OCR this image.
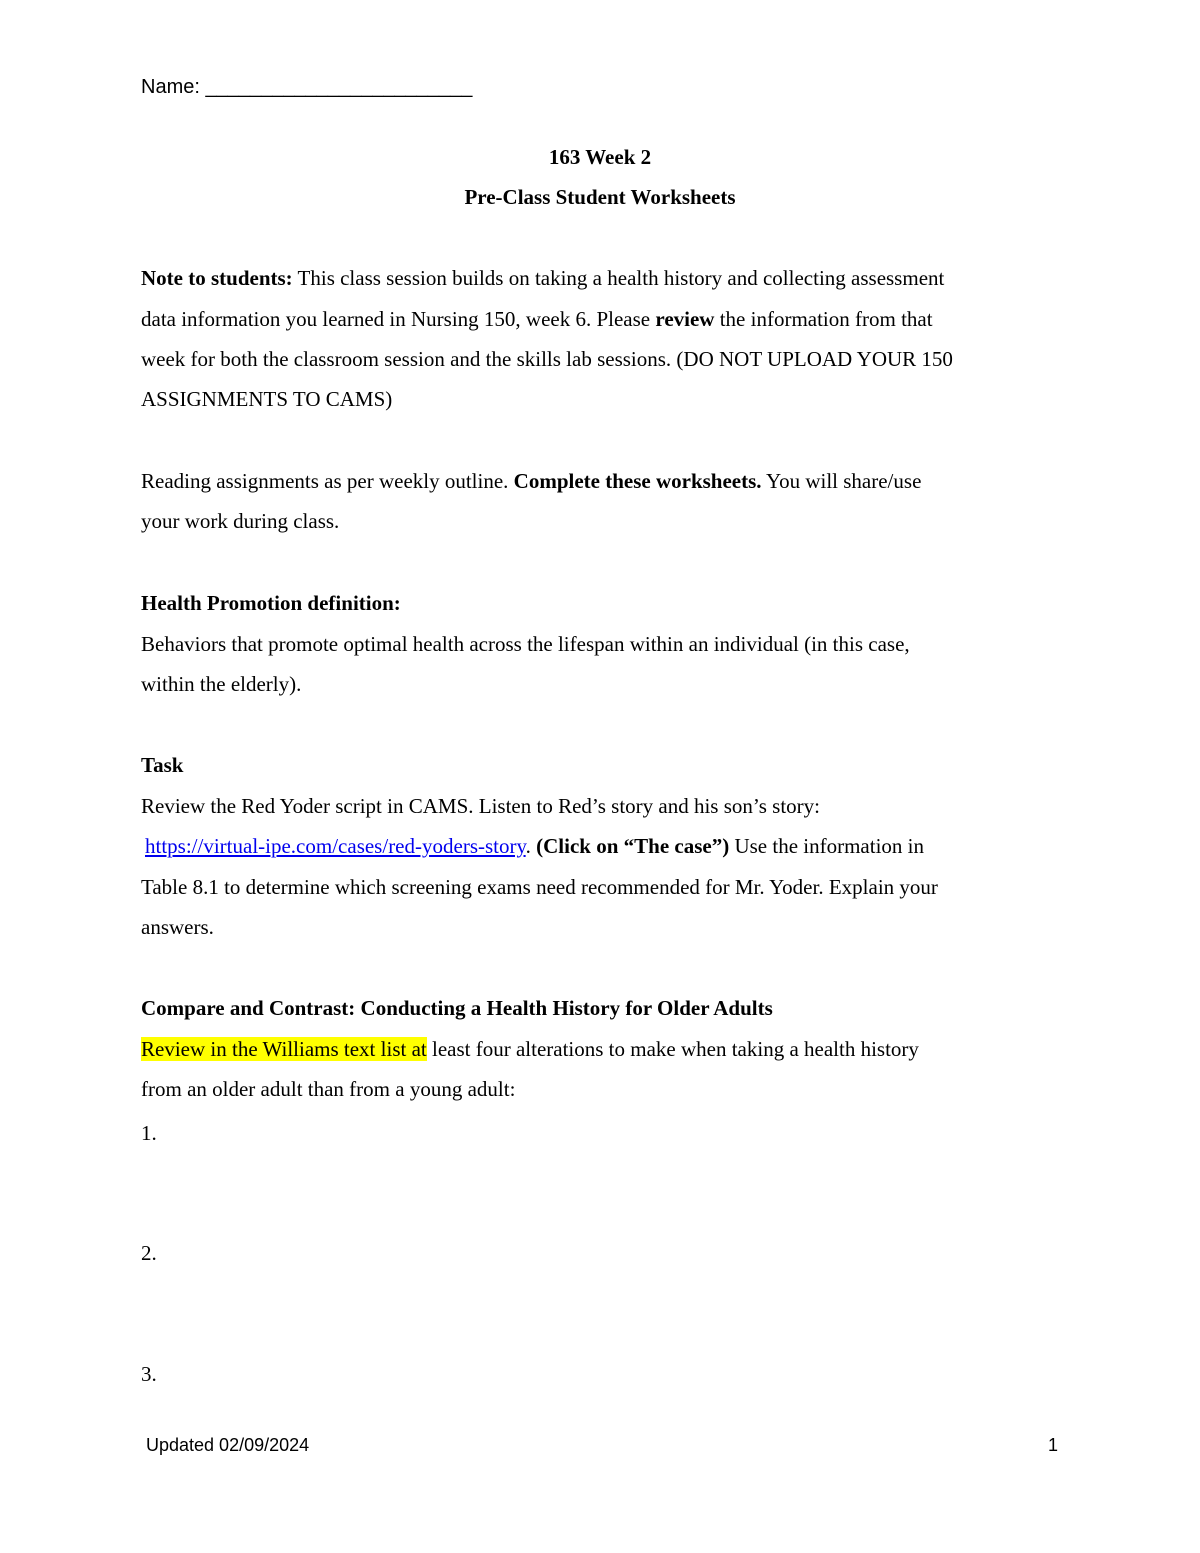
Name: ________________________
163 Week 2
Pre-Class Student Worksheets
Note to students: This class session builds on taking a health history and collecting assessment
data information you learned in Nursing 150, week 6. Please review the information from that
week for both the classroom session and the skills lab sessions. (DO NOT UPLOAD YOUR 150
ASSIGNMENTS TO CAMS)
Reading assignments as per weekly outline. Complete these worksheets. You will share/use
your work during class.
Health Promotion definition:
Behaviors that promote optimal health across the lifespan within an individual (in this case,
within the elderly).
Task
Review the Red Yoder script in CAMS. Listen to Red’s story and his son’s story:
https://virtual-ipe.com/cases/red-yoders-story. (Click on “The case”) Use the information in
Table 8.1 to determine which screening exams need recommended for Mr. Yoder. Explain your
answers.
Compare and Contrast: Conducting a Health History for Older Adults
Review in the Williams text list at least four alterations to make when taking a health history
from an older adult than from a young adult:
1.
2.
3.
Updated 02/09/2024	1
